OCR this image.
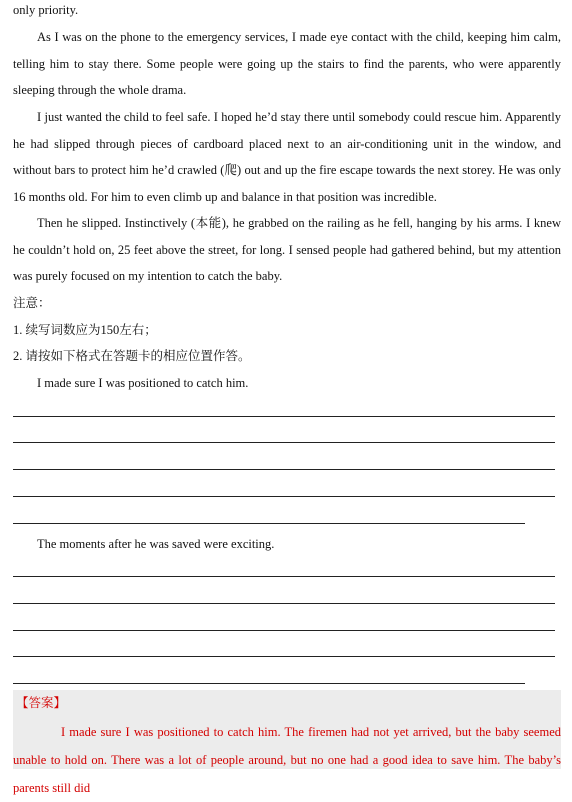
only priority.

As I was on the phone to the emergency services, I made eye contact with the child, keeping him calm, telling him to stay there. Some people were going up the stairs to find the parents, who were apparently sleeping through the whole drama.

I just wanted the child to feel safe. I hoped he’d stay there until somebody could rescue him. Apparently he had slipped through pieces of cardboard placed next to an air-conditioning unit in the window, and without bars to protect him he’d crawled (爬) out and up the fire escape towards the next storey. He was only 16 months old. For him to even climb up and balance in that position was incredible.

Then he slipped. Instinctively (本能), he grabbed on the railing as he fell, hanging by his arms. I knew he couldn’t hold on, 25 feet above the street, for long. I sensed people had gathered behind, but my attention was purely focused on my intention to catch the baby.

注意：

1. 续写词数应为150左右；

2. 请按如下格式在答题卡的相应位置作答。

I made sure I was positioned to catch him.

The moments after he was saved were exciting.

【答案】

I made sure I was positioned to catch him. The firemen had not yet arrived, but the baby seemed unable to hold on. There was a lot of people around, but no one had a good idea to save him. The baby’s parents still did
